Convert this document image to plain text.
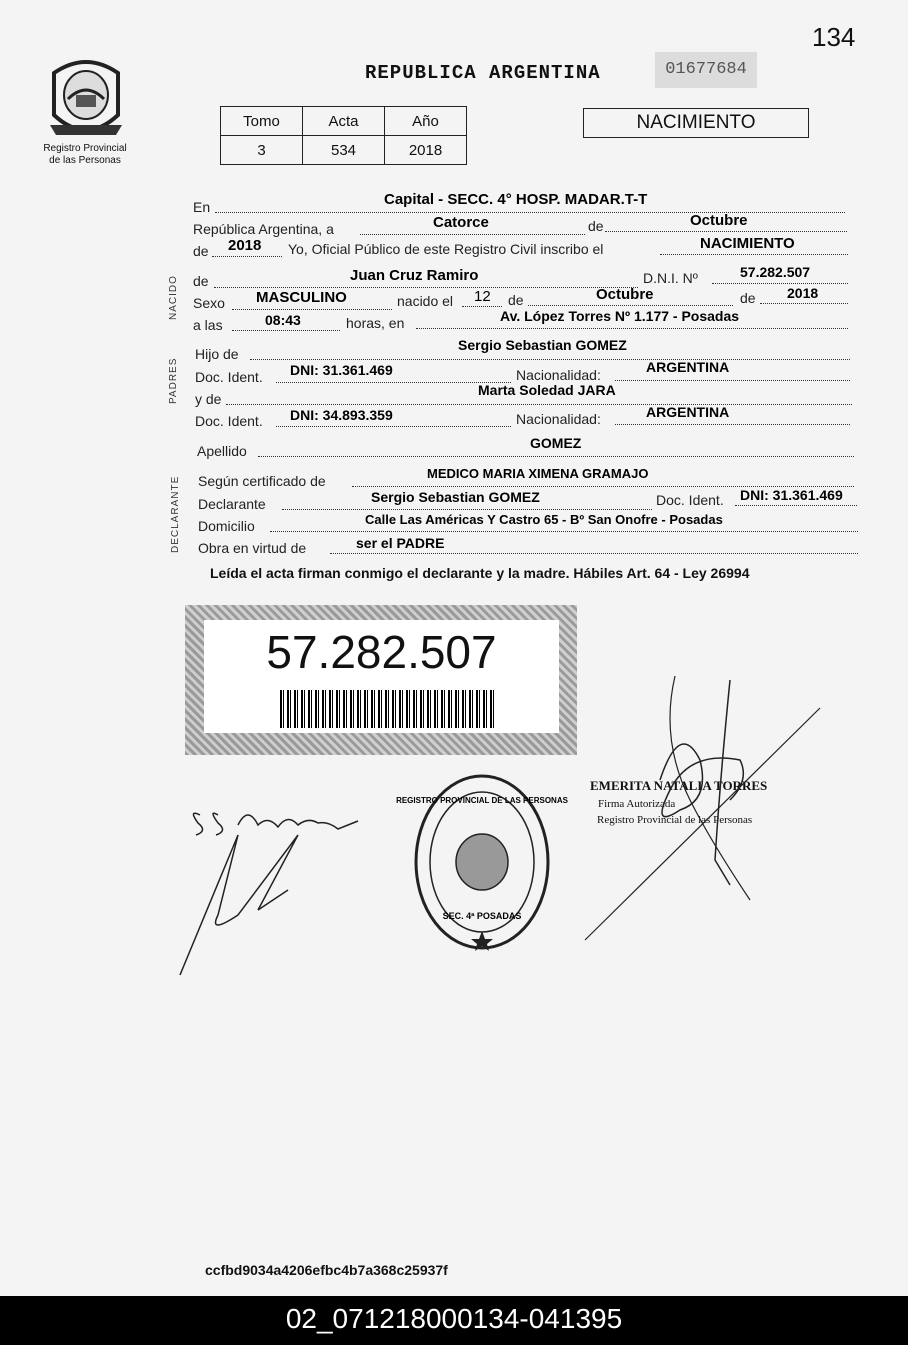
134
Registro Provincial
de las Personas
REPUBLICA ARGENTINA	01677684
Tomo	Acta	Año
3	534	2018
NACIMIENTO
NACIDO
PADRES
DECLARANTE
En	Capital - SECC. 4° HOSP. MADAR.T-T
República Argentina, a	Catorce	de	Octubre
de 2018 Yo, Oficial Público de este Registro Civil inscribo el	NACIMIENTO
de	Juan Cruz Ramiro	D.N.I. Nº	57.282.507
Sexo MASCULINO	nacido el 12 de	Octubre	de 2018
a las	08:43	horas, en	Av. López Torres Nº 1.177 - Posadas
Hijo de
Sergio Sebastian GOMEZ
Doc. Ident. DNI: 31.361.469	Nacionalidad:	ARGENTINA
y de
Marta Soledad JARA
Doc. Ident. DNI: 34.893.359	Nacionalidad:	ARGENTINA
Apellido	GOMEZ
Según certificado de	MEDICO MARIA XIMENA GRAMAJO
Declarante	Sergio Sebastian GOMEZ	Doc. Ident. DNI: 31.361.469
Domicilio	Calle Las Américas Y Castro 65 - Bº San Onofre - Posadas
Obra en virtud de	ser el PADRE
Leída el acta firman conmigo el declarante y la madre. Hábiles Art. 64 - Ley 26994
57.282.507
REGISTRO PROVINCIAL DE LAS PERSONAS
SEC. 4ª POSADAS
EMERITA NATALIA TORRES
Firma Autorizada
Registro Provincial de las Personas
ccfbd9034a4206efbc4b7a368c25937f
02_071218000134-041395
